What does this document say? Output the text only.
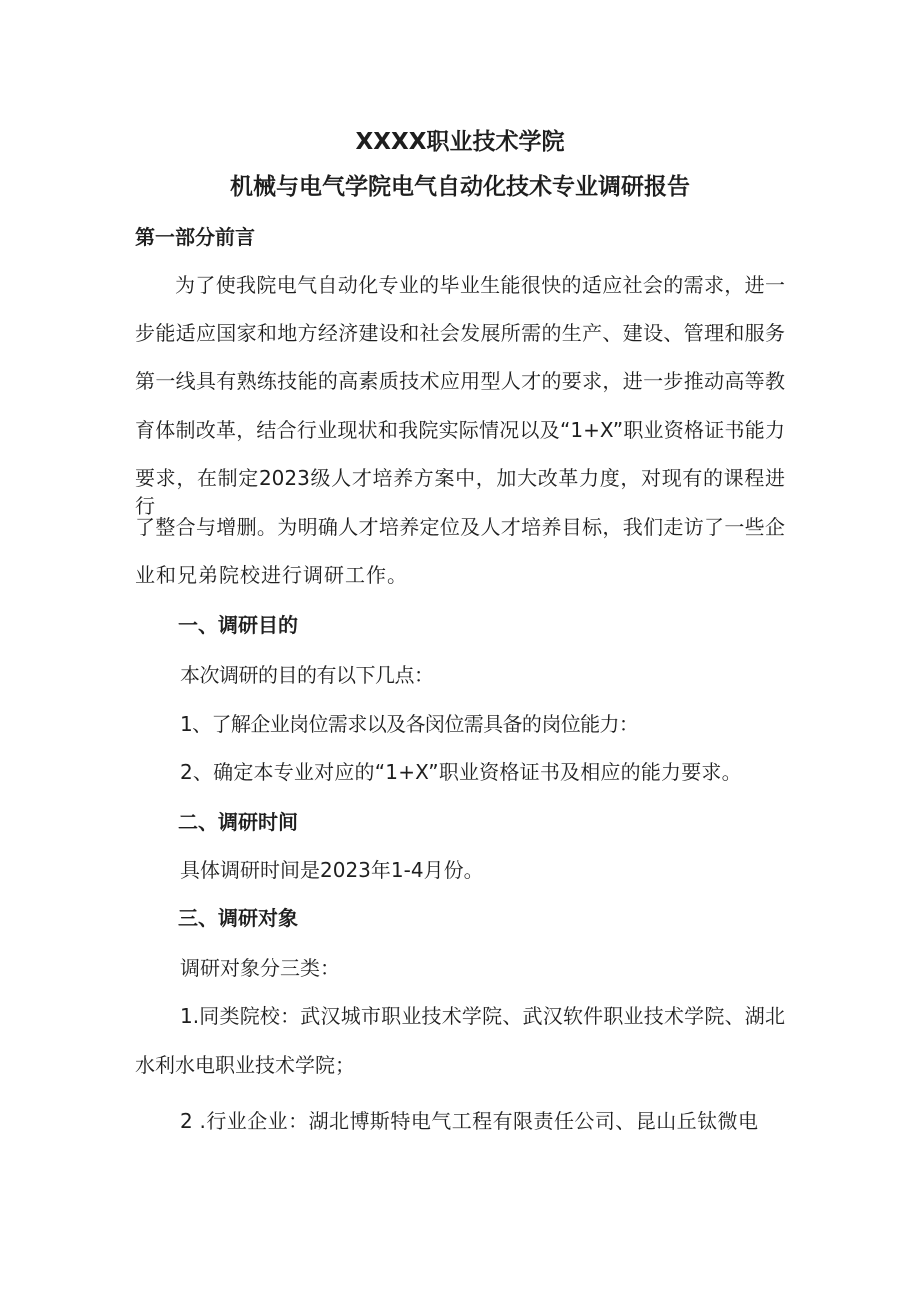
XXXX职业技术学院
机械与电气学院电气自动化技术专业调研报告
第一部分前言
为了使我院电气自动化专业的毕业生能很快的适应社会的需求，进一
步能适应国家和地方经济建设和社会发展所需的生产、建设、管理和服务
第一线具有熟练技能的高素质技术应用型人才的要求，进一步推动高等教
育体制改革，结合行业现状和我院实际情况以及“1+X”职业资格证书能力
要求，在制定2023级人才培养方案中，加大改革力度，对现有的课程进行
了整合与增删。为明确人才培养定位及人才培养目标，我们走访了一些企
业和兄弟院校进行调研工作。
一、调研目的
本次调研的目的有以下几点：
1、了解企业岗位需求以及各闵位需具备的岗位能力：
2、确定本专业对应的“1+X”职业资格证书及相应的能力要求。
二、调研时间
具体调研时间是2023年1-4月份。
三、调研对象
调研对象分三类：
1.同类院校：武汉城市职业技术学院、武汉软件职业技术学院、湖北
水利水电职业技术学院；
2 .行业企业：湖北博斯特电气工程有限责任公司、昆山丘钛微电
